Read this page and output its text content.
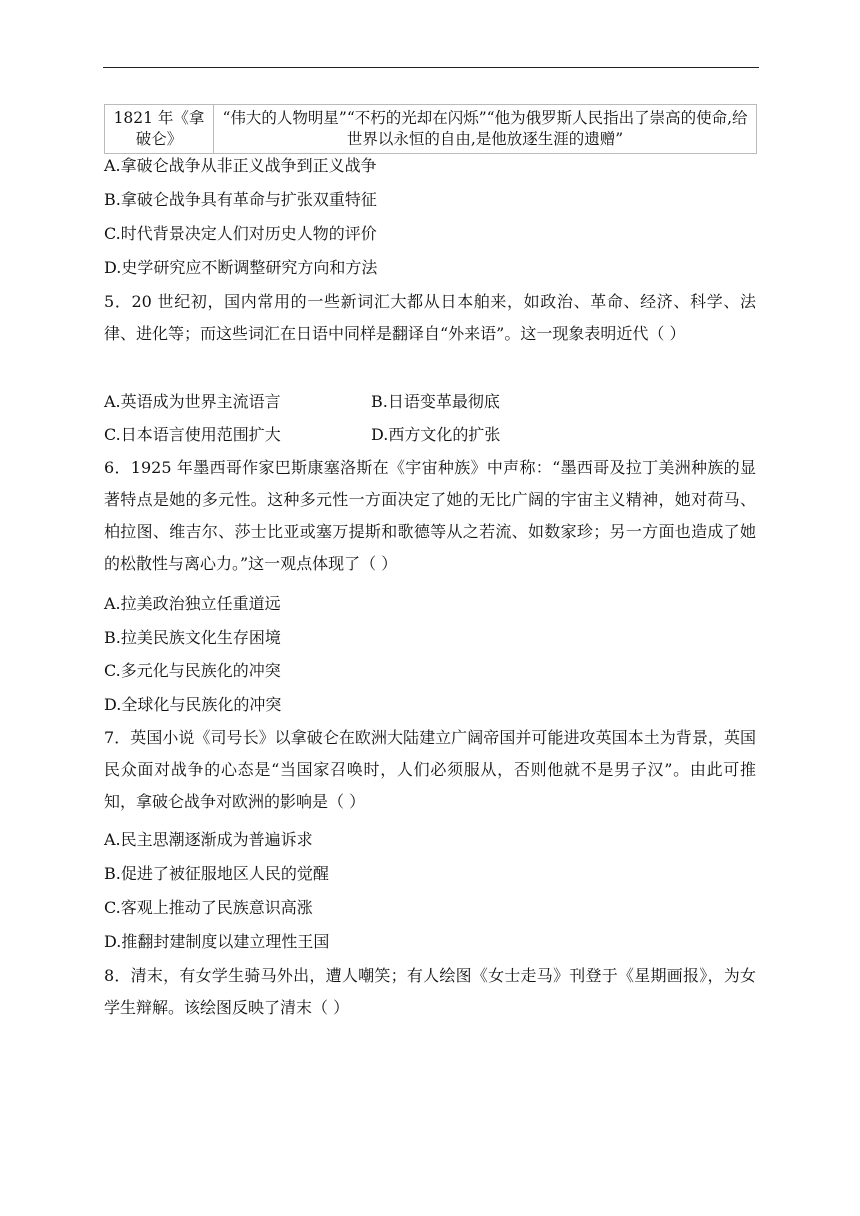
1821 年《拿破仑》	“伟大的人物明星”“不朽的光却在闪烁”“他为俄罗斯人民指出了崇高的使命,给世界以永恒的自由,是他放逐生涯的遗赠”
A.拿破仑战争从非正义战争到正义战争
B.拿破仑战争具有革命与扩张双重特征
C.时代背景决定人们对历史人物的评价
D.史学研究应不断调整研究方向和方法

5．20 世纪初，国内常用的一些新词汇大都从日本舶来，如政治、革命、经济、科学、法律、进化等；而这些词汇在日语中同样是翻译自“外来语”。这一现象表明近代（ ）

A.英语成为世界主流语言	B.日语变革最彻底
C.日本语言使用范围扩大	D.西方文化的扩张

6．1925 年墨西哥作家巴斯康塞洛斯在《宇宙种族》中声称：“墨西哥及拉丁美洲种族的显著特点是她的多元性。这种多元性一方面决定了她的无比广阔的宇宙主义精神，她对荷马、柏拉图、维吉尔、莎士比亚或塞万提斯和歌德等从之若流、如数家珍；另一方面也造成了她的松散性与离心力。”这一观点体现了（ ）

A.拉美政治独立任重道远
B.拉美民族文化生存困境
C.多元化与民族化的冲突
D.全球化与民族化的冲突

7．英国小说《司号长》以拿破仑在欧洲大陆建立广阔帝国并可能进攻英国本土为背景，英国民众面对战争的心态是“当国家召唤时，人们必须服从，否则他就不是男子汉”。由此可推知，拿破仑战争对欧洲的影响是（ ）

A.民主思潮逐渐成为普遍诉求
B.促进了被征服地区人民的觉醒
C.客观上推动了民族意识高涨
D.推翻封建制度以建立理性王国

8．清末，有女学生骑马外出，遭人嘲笑；有人绘图《女士走马》刊登于《星期画报》，为女学生辩解。该绘图反映了清末（ ）
